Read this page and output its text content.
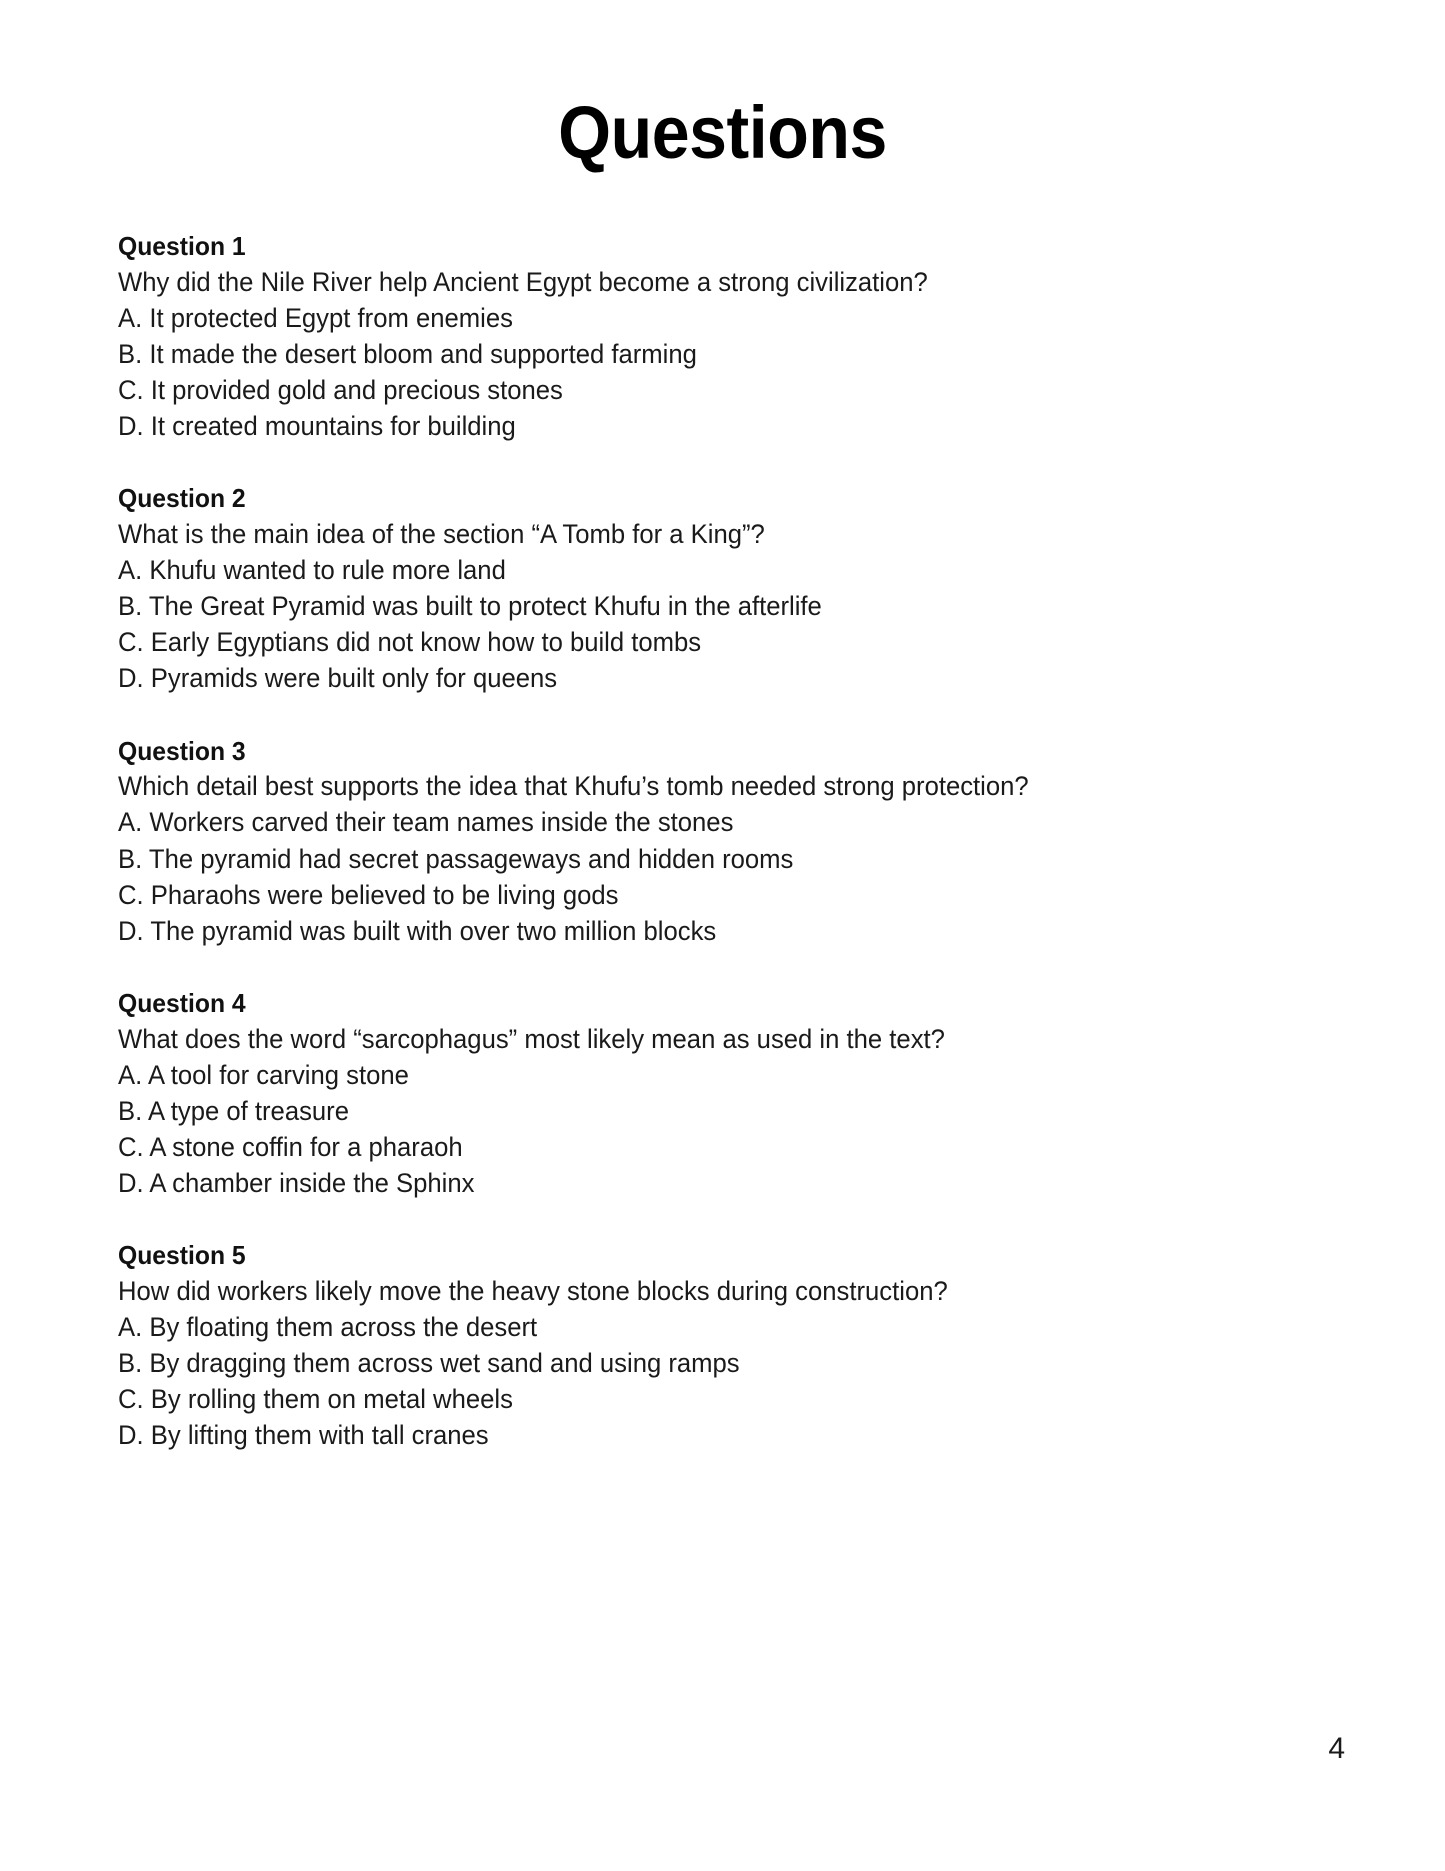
Questions
Question 1
Why did the Nile River help Ancient Egypt become a strong civilization?
A. It protected Egypt from enemies
B. It made the desert bloom and supported farming
C. It provided gold and precious stones
D. It created mountains for building
Question 2
What is the main idea of the section “A Tomb for a King”?
A. Khufu wanted to rule more land
B. The Great Pyramid was built to protect Khufu in the afterlife
C. Early Egyptians did not know how to build tombs
D. Pyramids were built only for queens
Question 3
Which detail best supports the idea that Khufu’s tomb needed strong protection?
A. Workers carved their team names inside the stones
B. The pyramid had secret passageways and hidden rooms
C. Pharaohs were believed to be living gods
D. The pyramid was built with over two million blocks
Question 4
What does the word “sarcophagus” most likely mean as used in the text?
A. A tool for carving stone
B. A type of treasure
C. A stone coffin for a pharaoh
D. A chamber inside the Sphinx
Question 5
How did workers likely move the heavy stone blocks during construction?
A. By floating them across the desert
B. By dragging them across wet sand and using ramps
C. By rolling them on metal wheels
D. By lifting them with tall cranes
4
